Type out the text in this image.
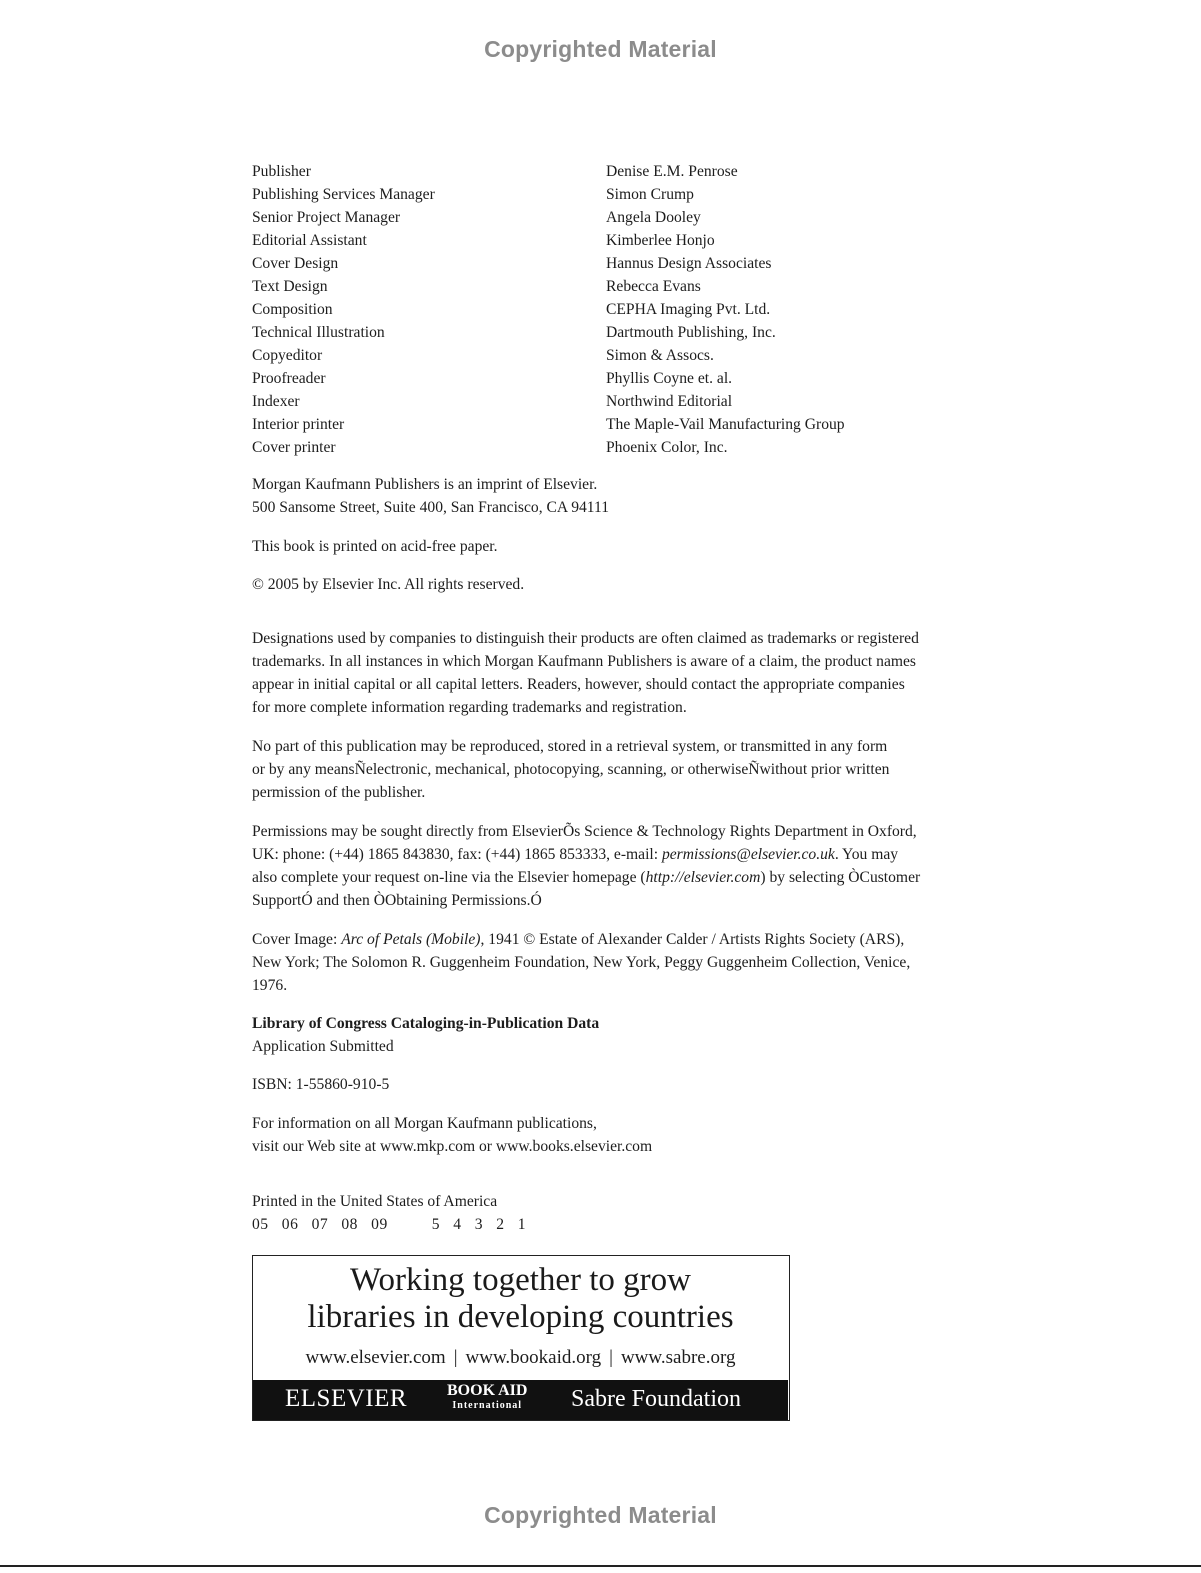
Copyrighted Material
Publisher	Denise E.M. Penrose
Publishing Services Manager	Simon Crump
Senior Project Manager	Angela Dooley
Editorial Assistant	Kimberlee Honjo
Cover Design	Hannus Design Associates
Text Design	Rebecca Evans
Composition	CEPHA Imaging Pvt. Ltd.
Technical Illustration	Dartmouth Publishing, Inc.
Copyeditor	Simon & Assocs.
Proofreader	Phyllis Coyne et. al.
Indexer	Northwind Editorial
Interior printer	The Maple-Vail Manufacturing Group
Cover printer	Phoenix Color, Inc.
Morgan Kaufmann Publishers is an imprint of Elsevier.
500 Sansome Street, Suite 400, San Francisco, CA 94111
This book is printed on acid-free paper.
© 2005 by Elsevier Inc. All rights reserved.
Designations used by companies to distinguish their products are often claimed as trademarks or registered
trademarks. In all instances in which Morgan Kaufmann Publishers is aware of a claim, the product names
appear in initial capital or all capital letters. Readers, however, should contact the appropriate companies
for more complete information regarding trademarks and registration.
No part of this publication may be reproduced, stored in a retrieval system, or transmitted in any form
or by any meansÑelectronic, mechanical, photocopying, scanning, or otherwiseÑwithout prior written
permission of the publisher.
Permissions may be sought directly from ElsevierÕs Science & Technology Rights Department in Oxford,
UK: phone: (+44) 1865 843830, fax: (+44) 1865 853333, e-mail: permissions@elsevier.co.uk. You may
also complete your request on-line via the Elsevier homepage (http://elsevier.com) by selecting ÒCustomer
SupportÓ and then ÒObtaining Permissions.Ó
Cover Image: Arc of Petals (Mobile), 1941 © Estate of Alexander Calder / Artists Rights Society (ARS),
New York; The Solomon R. Guggenheim Foundation, New York, Peggy Guggenheim Collection, Venice,
1976.
Library of Congress Cataloging-in-Publication Data
Application Submitted
ISBN: 1-55860-910-5
For information on all Morgan Kaufmann publications,
visit our Web site at www.mkp.com or www.books.elsevier.com
Printed in the United States of America
05   06   07   08   09          5   4   3   2   1
Working together to grow
libraries in developing countries
www.elsevier.com | www.bookaid.org | www.sabre.org
ELSEVIER BOOK AID
International Sabre Foundation
Copyrighted Material
